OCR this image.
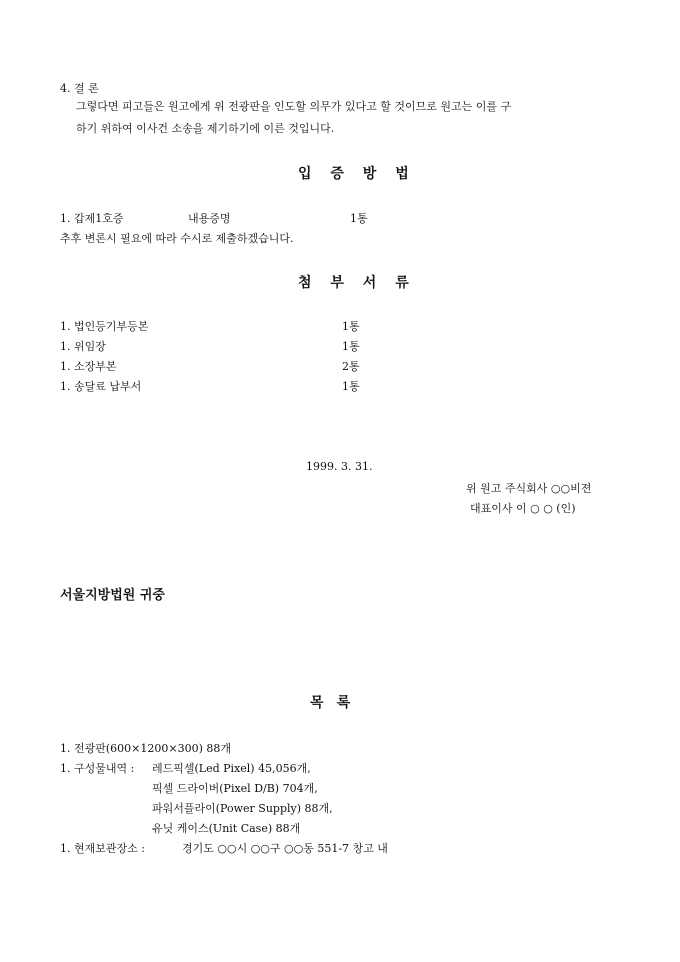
4. 결 론
그렇다면 피고들은 원고에게 위 전광판을 인도할 의무가 있다고 할 것이므로 원고는 이를 구
하기 위하여 이사건 소송을 제기하기에 이른 것입니다.
입 증 방 법
1. 갑제1호증	내용증명	1통
추후 변론시 필요에 따라 수시로 제출하겠습니다.
첨 부 서 류
1. 법인등기부등본	1통
1. 위임장	1통
1. 소장부본	2통
1. 송달료 납부서	1통
1999. 3. 31.
위 원고 주식회사 ○○비젼
대표이사 이 ○ ○ (인)
서울지방법원 귀중
목 록
1. 전광판(600×1200×300) 88개
1. 구성물내역 :레드픽셀(Led Pixel) 45,056개,
픽셀 드라이버(Pixel D/B) 704개,
파워서플라이(Power Supply) 88개,
유닛 케이스(Unit Case) 88개
1. 현재보관장소 :	경기도 ○○시 ○○구 ○○동 551-7 창고 내
